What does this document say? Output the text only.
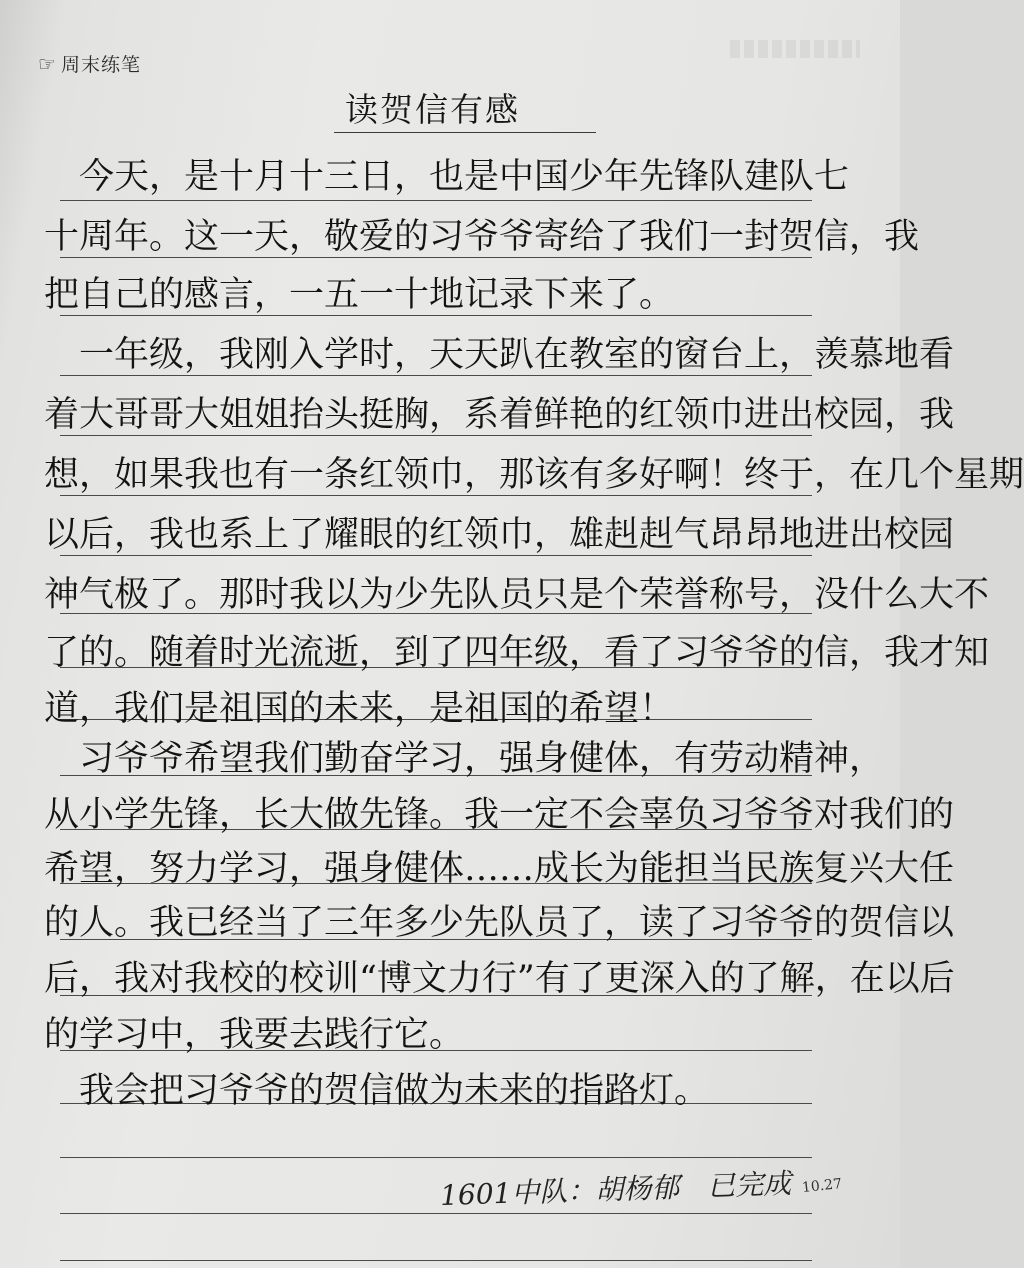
☞ 周末练笔
读贺信有感
　今天，是十月十三日，也是中国少年先锋队建队七
十周年。这一天，敬爱的习爷爷寄给了我们一封贺信，我
把自己的感言，一五一十地记录下来了。
　一年级，我刚入学时，天天趴在教室的窗台上，羡慕地看
着大哥哥大姐姐抬头挺胸，系着鲜艳的红领巾进出校园，我
想，如果我也有一条红领巾，那该有多好啊！终于，在几个星期
以后，我也系上了耀眼的红领巾，雄赳赳气昂昂地进出校园
神气极了。那时我以为少先队员只是个荣誉称号，没什么大不
了的。随着时光流逝，到了四年级，看了习爷爷的信，我才知
道，我们是祖国的未来，是祖国的希望！
　习爷爷希望我们勤奋学习，强身健体，有劳动精神，
从小学先锋，长大做先锋。我一定不会辜负习爷爷对我们的
希望，努力学习，强身健体……成长为能担当民族复兴大任
的人。我已经当了三年多少先队员了，读了习爷爷的贺信以
后，我对我校的校训“博文力行”有了更深入的了解，在以后
的学习中，我要去践行它。
　我会把习爷爷的贺信做为未来的指路灯。
1601中队：胡杨郁　已完成 10.27
